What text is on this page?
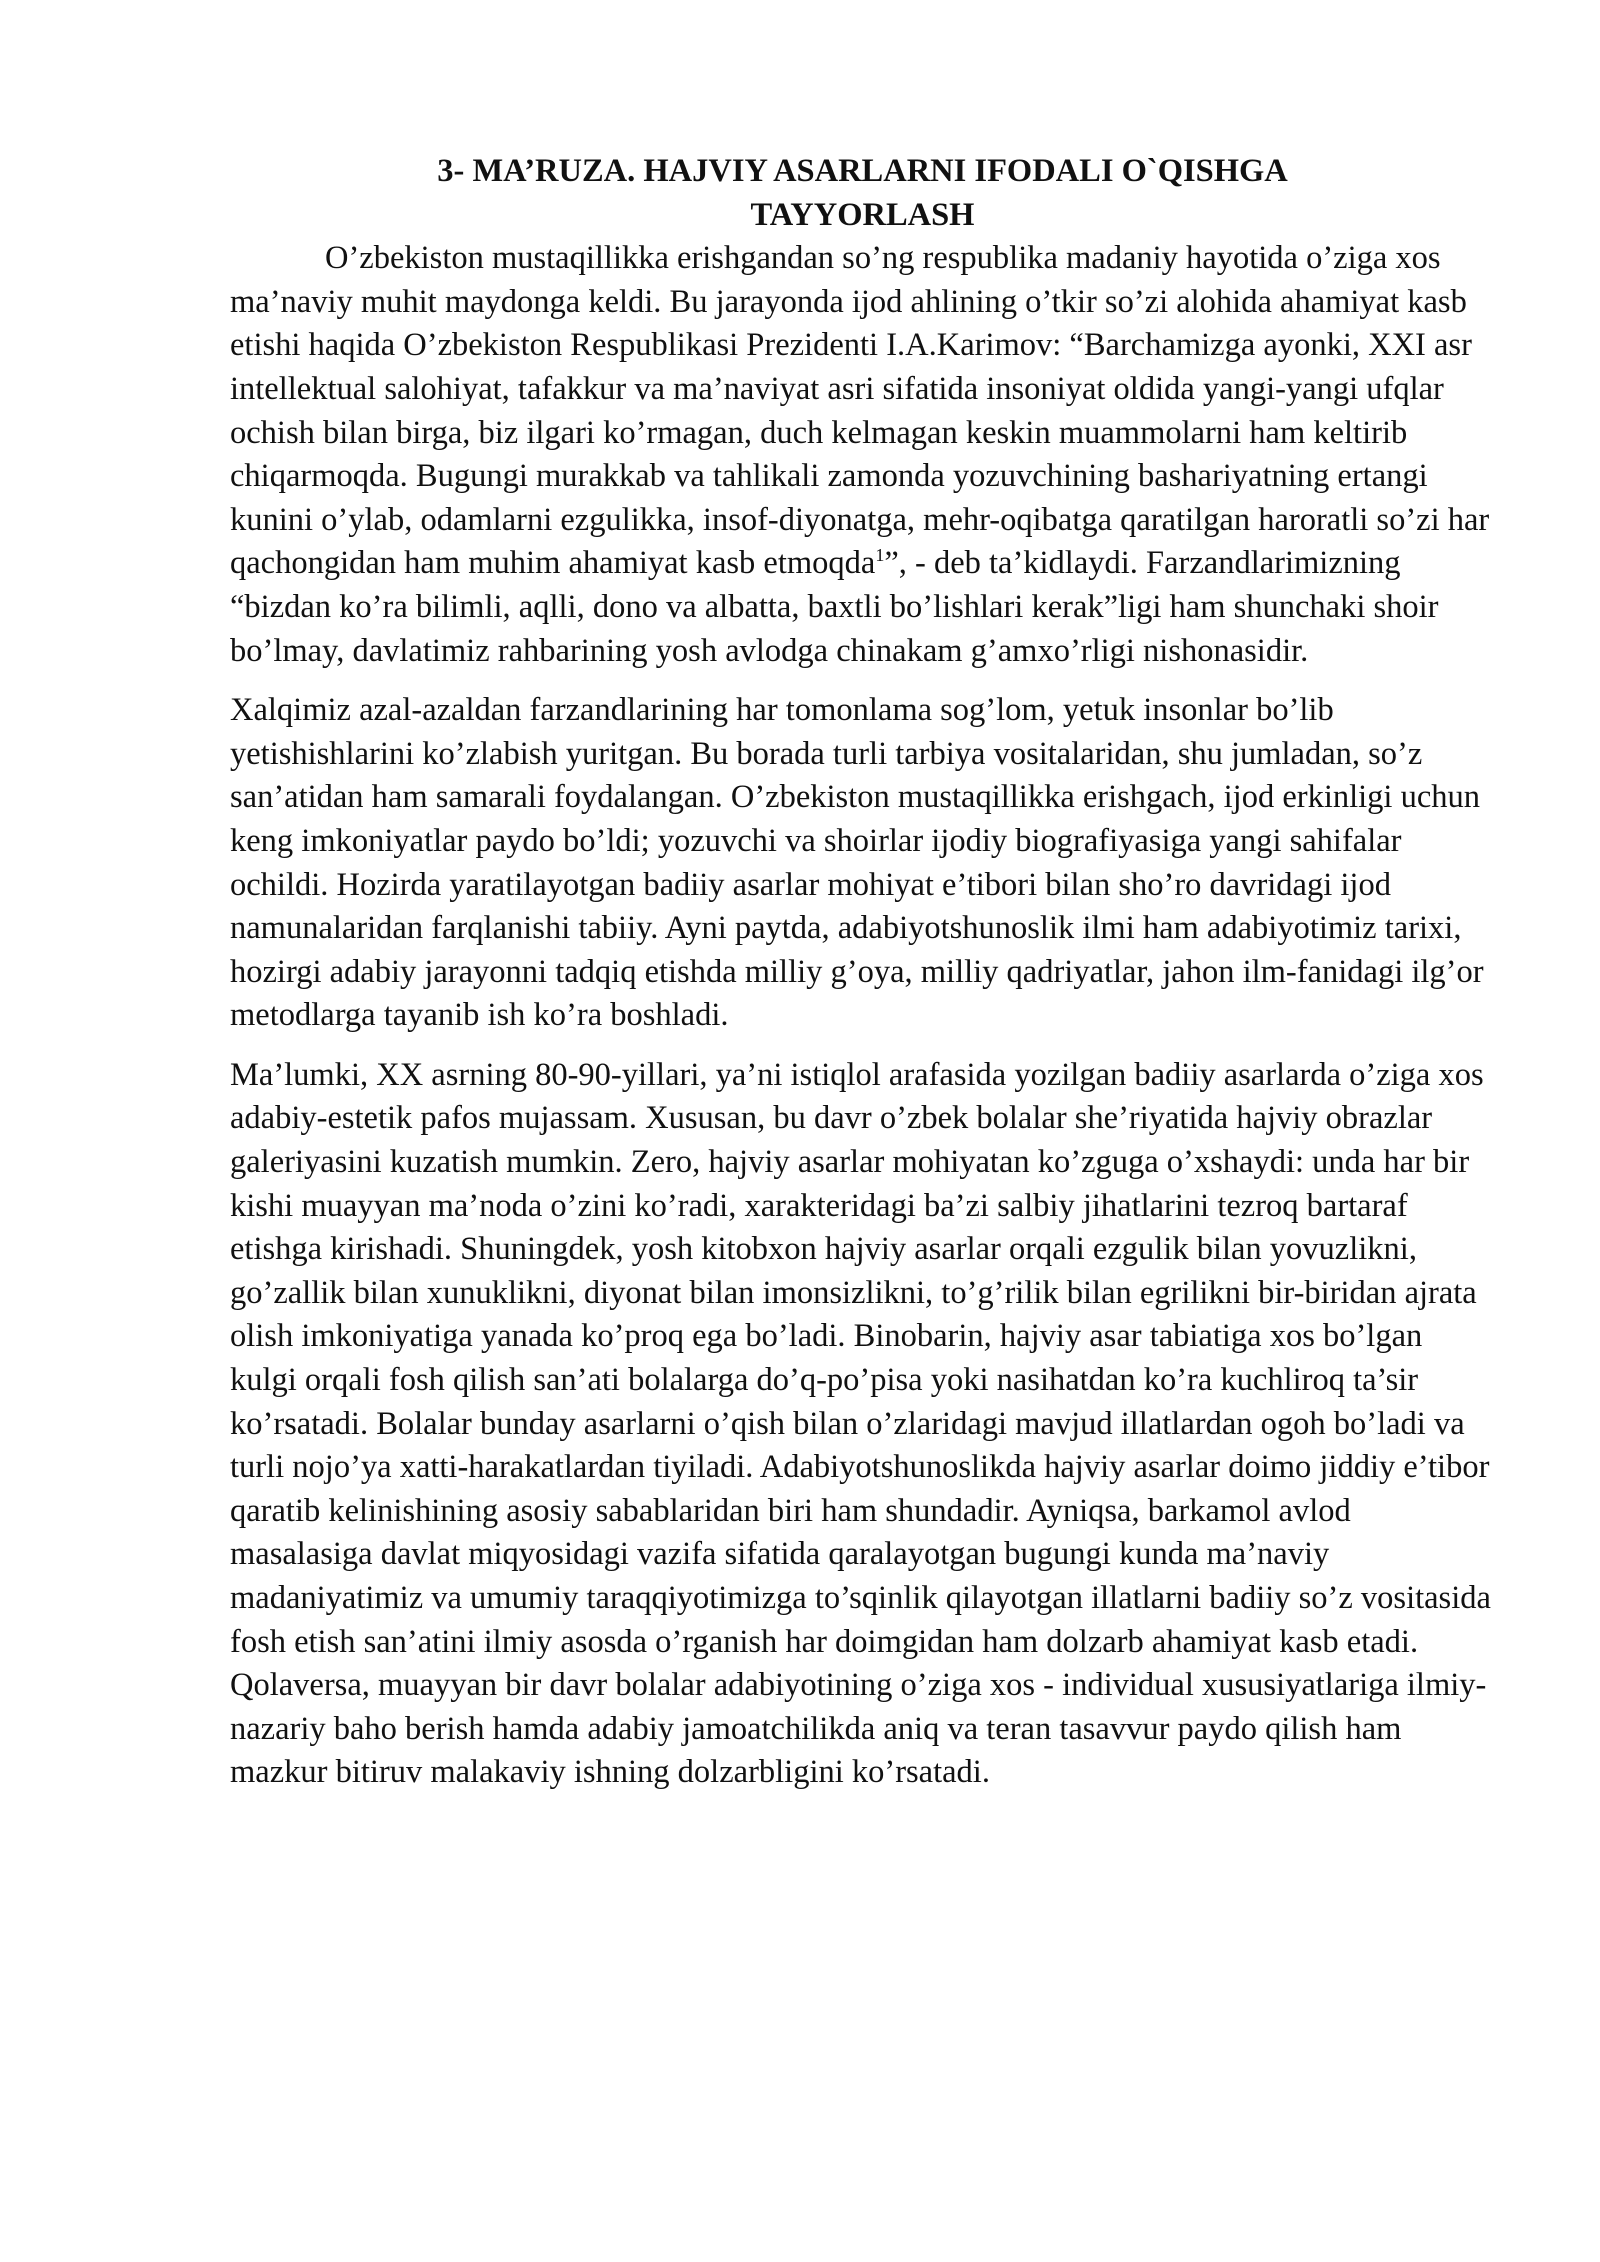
3- MA’RUZA. HAJVIY ASARLARNI IFODALI O`QISHGA
TAYYORLASH

O’zbekiston mustaqillikka erishgandan so’ng respublika madaniy hayotida o’ziga xos ma’naviy muhit maydonga keldi. Bu jarayonda ijod ahlining o’tkir so’zi alohida ahamiyat kasb etishi haqida O’zbekiston Respublikasi Prezidenti I.A.Karimov: “Barchamizga ayonki, XXI asr intellektual salohiyat, tafakkur va ma’naviyat asri sifatida insoniyat oldida yangi-yangi ufqlar ochish bilan birga, biz ilgari ko’rmagan, duch kelmagan keskin muammolarni ham keltirib chiqarmoqda. Bugungi murakkab va tahlikali zamonda yozuvchining bashariyatning ertangi kunini o’ylab, odamlarni ezgulikka, insof-diyonatga, mehr-oqibatga qaratilgan haroratli so’zi har qachongidan ham muhim ahamiyat kasb etmoqda$^1$”, - deb ta’kidlaydi. Farzandlarimizning “bizdan ko’ra bilimli, aqlli, dono va albatta, baxtli bo’lishlari kerak”ligi ham shunchaki shoir bo’lmay, davlatimiz rahbarining yosh avlodga chinakam g’amxo’rligi nishonasidir.

Xalqimiz azal-azaldan farzandlarining har tomonlama sog’lom, yetuk insonlar bo’lib yetishishlarini ko’zlabish yuritgan. Bu borada turli tarbiya vositalaridan, shu jumladan, so’z san’atidan ham samarali foydalangan. O’zbekiston mustaqillikka erishgach, ijod erkinligi uchun keng imkoniyatlar paydo bo’ldi; yozuvchi va shoirlar ijodiy biografiyasiga yangi sahifalar ochildi. Hozirda yaratilayotgan badiiy asarlar mohiyat e’tibori bilan sho’ro davridagi ijod namunalaridan farqlanishi tabiiy. Ayni paytda, adabiyotshunoslik ilmi ham adabiyotimiz tarixi, hozirgi adabiy jarayonni tadqiq etishda milliy g’oya, milliy qadriyatlar, jahon ilm-fanidagi ilg’or metodlarga tayanib ish ko’ra boshladi.

Ma’lumki, XX asrning 80-90-yillari, ya’ni istiqlol arafasida yozilgan badiiy asarlarda o’ziga xos adabiy-estetik pafos mujassam. Xususan, bu davr o’zbek bolalar she’riyatida hajviy obrazlar galeriyasini kuzatish mumkin. Zero, hajviy asarlar mohiyatan ko’zguga o’xshaydi: unda har bir kishi muayyan ma’noda o’zini ko’radi, xarakteridagi ba’zi salbiy jihatlarini tezroq bartaraf etishga kirishadi. Shuningdek, yosh kitobxon hajviy asarlar orqali ezgulik bilan yovuzlikni, go’zallik bilan xunuklikni, diyonat bilan imonsizlikni, to’g’rilik bilan egrilikni bir-biridan ajrata olish imkoniyatiga yanada ko’proq ega bo’ladi. Binobarin, hajviy asar tabiatiga xos bo’lgan kulgi orqali fosh qilish san’ati bolalarga do’q-po’pisa yoki nasihatdan ko’ra kuchliroq ta’sir ko’rsatadi. Bolalar bunday asarlarni o’qish bilan o’zlaridagi mavjud illatlardan ogoh bo’ladi va turli nojo’ya xatti-harakatlardan tiyiladi. Adabiyotshunoslikda hajviy asarlar doimo jiddiy e’tibor qaratib kelinishining asosiy sabablaridan biri ham shundadir. Ayniqsa, barkamol avlod masalasiga davlat miqyosidagi vazifa sifatida qaralayotgan bugungi kunda ma’naviy madaniyatimiz va umumiy taraqqiyotimizga to’sqinlik qilayotgan illatlarni badiiy so’z vositasida fosh etish san’atini ilmiy asosda o’rganish har doimgidan ham dolzarb ahamiyat kasb etadi. Qolaversa, muayyan bir davr bolalar adabiyotining o’ziga xos - individual xususiyatlariga ilmiy-nazariy baho berish hamda adabiy jamoatchilikda aniq va teran tasavvur paydo qilish ham mazkur bitiruv malakaviy ishning dolzarbligini ko’rsatadi.
